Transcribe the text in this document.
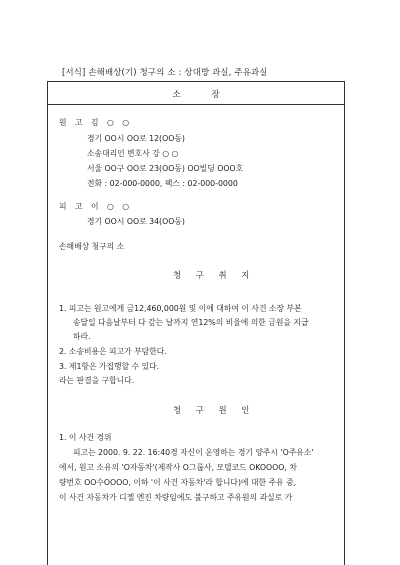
[서식] 손해배상(기) 청구의 소 : 상대방 과실, 주유과실
소 장
원 고 김 ○ ○
경기 OO시 OO로 12(OO동)
소송대리인 변호사 강 ○ ○
서울 OO구 OO로 23(OO동) OO빌딩 OOO호
전화 : 02-000-0000, 팩스 : 02-000-0000
피 고 이 ○ ○
경기 OO시 OO로 34(OO동)
손해배상 청구의 소
청 구 취 지
1. 피고는 원고에게 금12,460,000원 및 이에 대하여 이 사건 소장 부본
송달일 다음날부터 다 갚는 날까지 연12%의 비율에 의한 금원을 지급
하라.
2. 소송비용은 피고가 부담한다.
3. 제1항은 가집행할 수 있다.
라는 판결을 구합니다.
청 구 원 인
1. 이 사건 경위
피고는 2000. 9. 22. 16:40경 자신이 운영하는 경기 양주시 'O주유소'
에서, 원고 소유의 'O자동차'(제작사 O그룹사, 모델코드 OKOOOO, 차
량번호 OO수OOOO, 이하 '이 사건 자동차'라 합니다)에 대한 주유 중,
이 사건 자동차가 디젤 엔진 차량임에도 불구하고 주유원의 과실로 가
